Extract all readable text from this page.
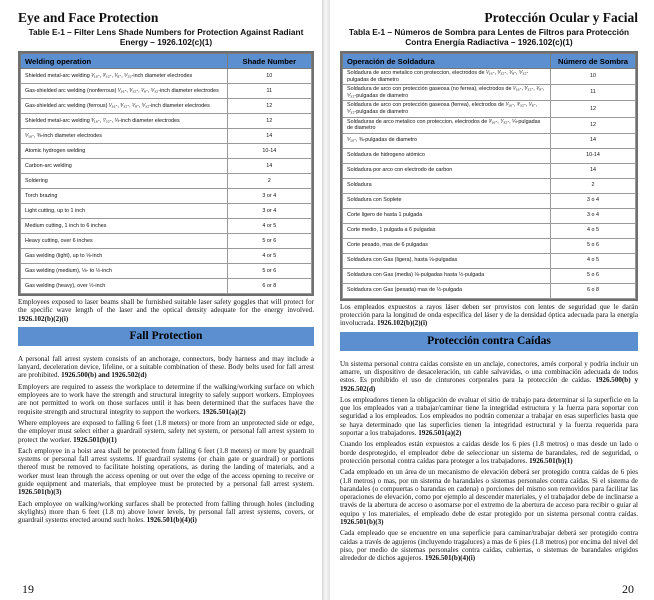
Eye and Face Protection
Table E-1 – Filter Lens Shade Numbers for Protection Against Radiant Energy – 1926.102(c)(1)
Welding operation	Shade Number
Shielded metal-arc welding ¹⁄₁₆-, ³⁄₃₂-, ¹⁄₈-, ⁵⁄₃₂-inch diameter electrodes	10
Gas-shielded arc welding (nonferrous) ¹⁄₁₆-, ³⁄₃₂-, ¹⁄₈-, ⁵⁄₃₂-inch diameter electrodes	11
Gas-shielded arc welding (ferrous) ¹⁄₁₆-, ³⁄₃₂-, ¹⁄₈-, ⁵⁄₃₂-inch diameter electrodes	12
Shielded metal-arc welding ³⁄₁₆-, ⁷⁄₃₂-, ¼-inch diameter electrodes	12
⁵⁄₁₆-, ⅜-inch diameter electrodes	14
Atomic hydrogen welding	10-14
Carbon-arc welding	14
Soldering	2
Torch brazing	3 or 4
Light cutting, up to 1 inch	3 or 4
Medium cutting, 1 inch to 6 inches	4 or 5
Heavy cutting, over 6 inches	5 or 6
Gas welding (light), up to ⅛-inch	4 or 5
Gas welding (medium), ⅛- to ½-inch	5 or 6
Gas welding (heavy), over ½-inch	6 or 8

Employees exposed to laser beams shall be furnished suitable laser safety goggles that will protect for the specific wave length of the laser and the optical density adequate for the energy involved. 1926.102(b)(2)(i)

Fall Protection

A personal fall arrest system consists of an anchorage, connectors, body harness and may include a lanyard, deceleration device, lifeline, or a suitable combination of these. Body belts used for fall arrest are prohibited. 1926.500(b) and 1926.502(d)

Employers are required to assess the workplace to determine if the walking/working surface on which employees are to work have the strength and structural integrity to safely support workers. Employees are not permitted to work on those surfaces until it has been determined that the surfaces have the requisite strength and structural integrity to support the workers. 1926.501(a)(2)

Where employees are exposed to falling 6 feet (1.8 meters) or more from an unprotected side or edge, the employer must select either a guardrail system, safety net system, or personal fall arrest system to protect the worker. 1926.501(b)(1)

Each employee in a hoist area shall be protected from falling 6 feet (1.8 meters) or more by guardrail systems or personal fall arrest systems. If guardrail systems (or chain gate or guardrail) or portions thereof must be removed to facilitate hoisting operations, as during the landing of materials, and a worker must lean through the access opening or out over the edge of the access opening to receive or guide equipment and materials, that employee must be protected by a personal fall arrest system. 1926.501(b)(3)

Each employee on walking/working surfaces shall be protected from falling through holes (including skylights) more than 6 feet (1.8 m) above lower levels, by personal fall arrest systems, covers, or guardrail systems erected around such holes. 1926.501(b)(4)(i)

19
Protección Ocular y Facial
Tabla E-1 – Números de Sombra para Lentes de Filtros para Protección Contra Energía Radiactiva – 1926.102(c)(1)
Operación de Soldadura	Número de Sombra
Soldadura de arco metalico con proteccion, electrodos de ¹⁄₁₆-, ³⁄₃₂-, ¹⁄₈-, ⁵⁄₃₂-pulgadas de diametro	10
Soldadura de arco con protección gaseosa (no ferrea), electrodos de ¹⁄₁₆-, ³⁄₃₂-, ¹⁄₈-, ⁵⁄₃₂-pulgadas de diametro	11
Soldadura de arco con protección gaseosa (ferrea), electrodos de ¹⁄₁₆-, ³⁄₃₂-, ¹⁄₈-, ⁵⁄₃₂-pulgadas de diametro	12
Soldaduras de arco metalico con proteccion, electrodos de ³⁄₁₆-, ⁷⁄₃₂-, ¼-pulgadas de diametro	12
⁵⁄₁₆-, ⅜-pulgadas de diametro	14
Soldadura de hidrogeno atómico	10-14
Soldadura por arco con electrodo de carbon	14
Soldadura	2
Soldadura con Soplete	3 o 4
Corte ligero de hasta 1 pulgada	3 o 4
Corte medio, 1 pulgada a 6 pulgadas	4 o 5
Corte pesado, mas de 6 pulgadas	5 o 6
Soldadura con Gas (ligera), hasta ⅛-pulgadas	4 o 5
Soldadura con Gas (media) ⅛-pulgadas hasta ½-pulgada	5 o 6
Soldadura con Gas (pesada) mas de ½-pulgada	6 o 8

Los empleados expuestos a rayos láser deben ser provistos con lentes de seguridad que le darán protección para la longitud de onda específica del láser y de la densidad óptica adecuada para la energía involucrada. 1926.102(b)(2)(i)

Protección contra Caídas

Un sistema personal contra caídas consiste en un anclaje, conectores, arnés corporal y podría incluir un amarre, un dispositivo de desaceleración, un cable salvavidas, o una combinación adecuada de todos estos. Es prohibido el uso de cinturones corporales para la protección de caídas. 1926.500(b) y 1926.502(d)

Los empleadores tienen la obligación de evaluar el sitio de trabajo para determinar si la superficie en la que los empleados van a trabajar/caminar tiene la integridad estructura y la fuerza para soportar con seguridad a los empleados. Los empleados no podrán comenzar a trabajar en esas superficies hasta que se haya determinado que las superficies tienen la integridad estructural y la fuerza requerida para soportar a los trabajadores. 1926.501(a)(2)

Cuando los empleados están expuestos a caídas desde los 6 pies (1.8 metros) o mas desde un lado o borde desprotegido, el empleador debe de seleccionar un sistema de barandales, red de seguridad, o protección personal contra caídas para proteger a los trabajadores. 1926.501(b)(1)

Cada empleado en un área de un mecanismo de elevación deberá ser protegido contra caídas de 6 pies (1.8 metros) o mas, por un sistema de barandales o sistemas personales contra caídas. Si el sistema de barandales (o compuertas o barandas en cadena) o porciones del mismo son removidos para facilitar las operaciones de elevación, como por ejemplo al descender materiales, y el trabajador debe de inclinarse a través de la abertura de acceso o asomarse por el extremo de la abertura de acceso para recibir o guiar al equipo y los materiales, el empleado debe de estar protegido por un sistema personal contra caídas. 1926.501(b)(3)

Cada empleado que se encuentre en una superficie para caminar/trabajar deberá ser protegido contra caídas a través de agujeros (incluyendo tragaluces) a mas de 6 pies (1.8 metros) por encima del nivel del piso, por medio de sistemas personales contra caídas, cubiertas, o sistemas de barandales erigidos alrededor de dichos agujeros. 1926.501(b)(4)(i)

20
